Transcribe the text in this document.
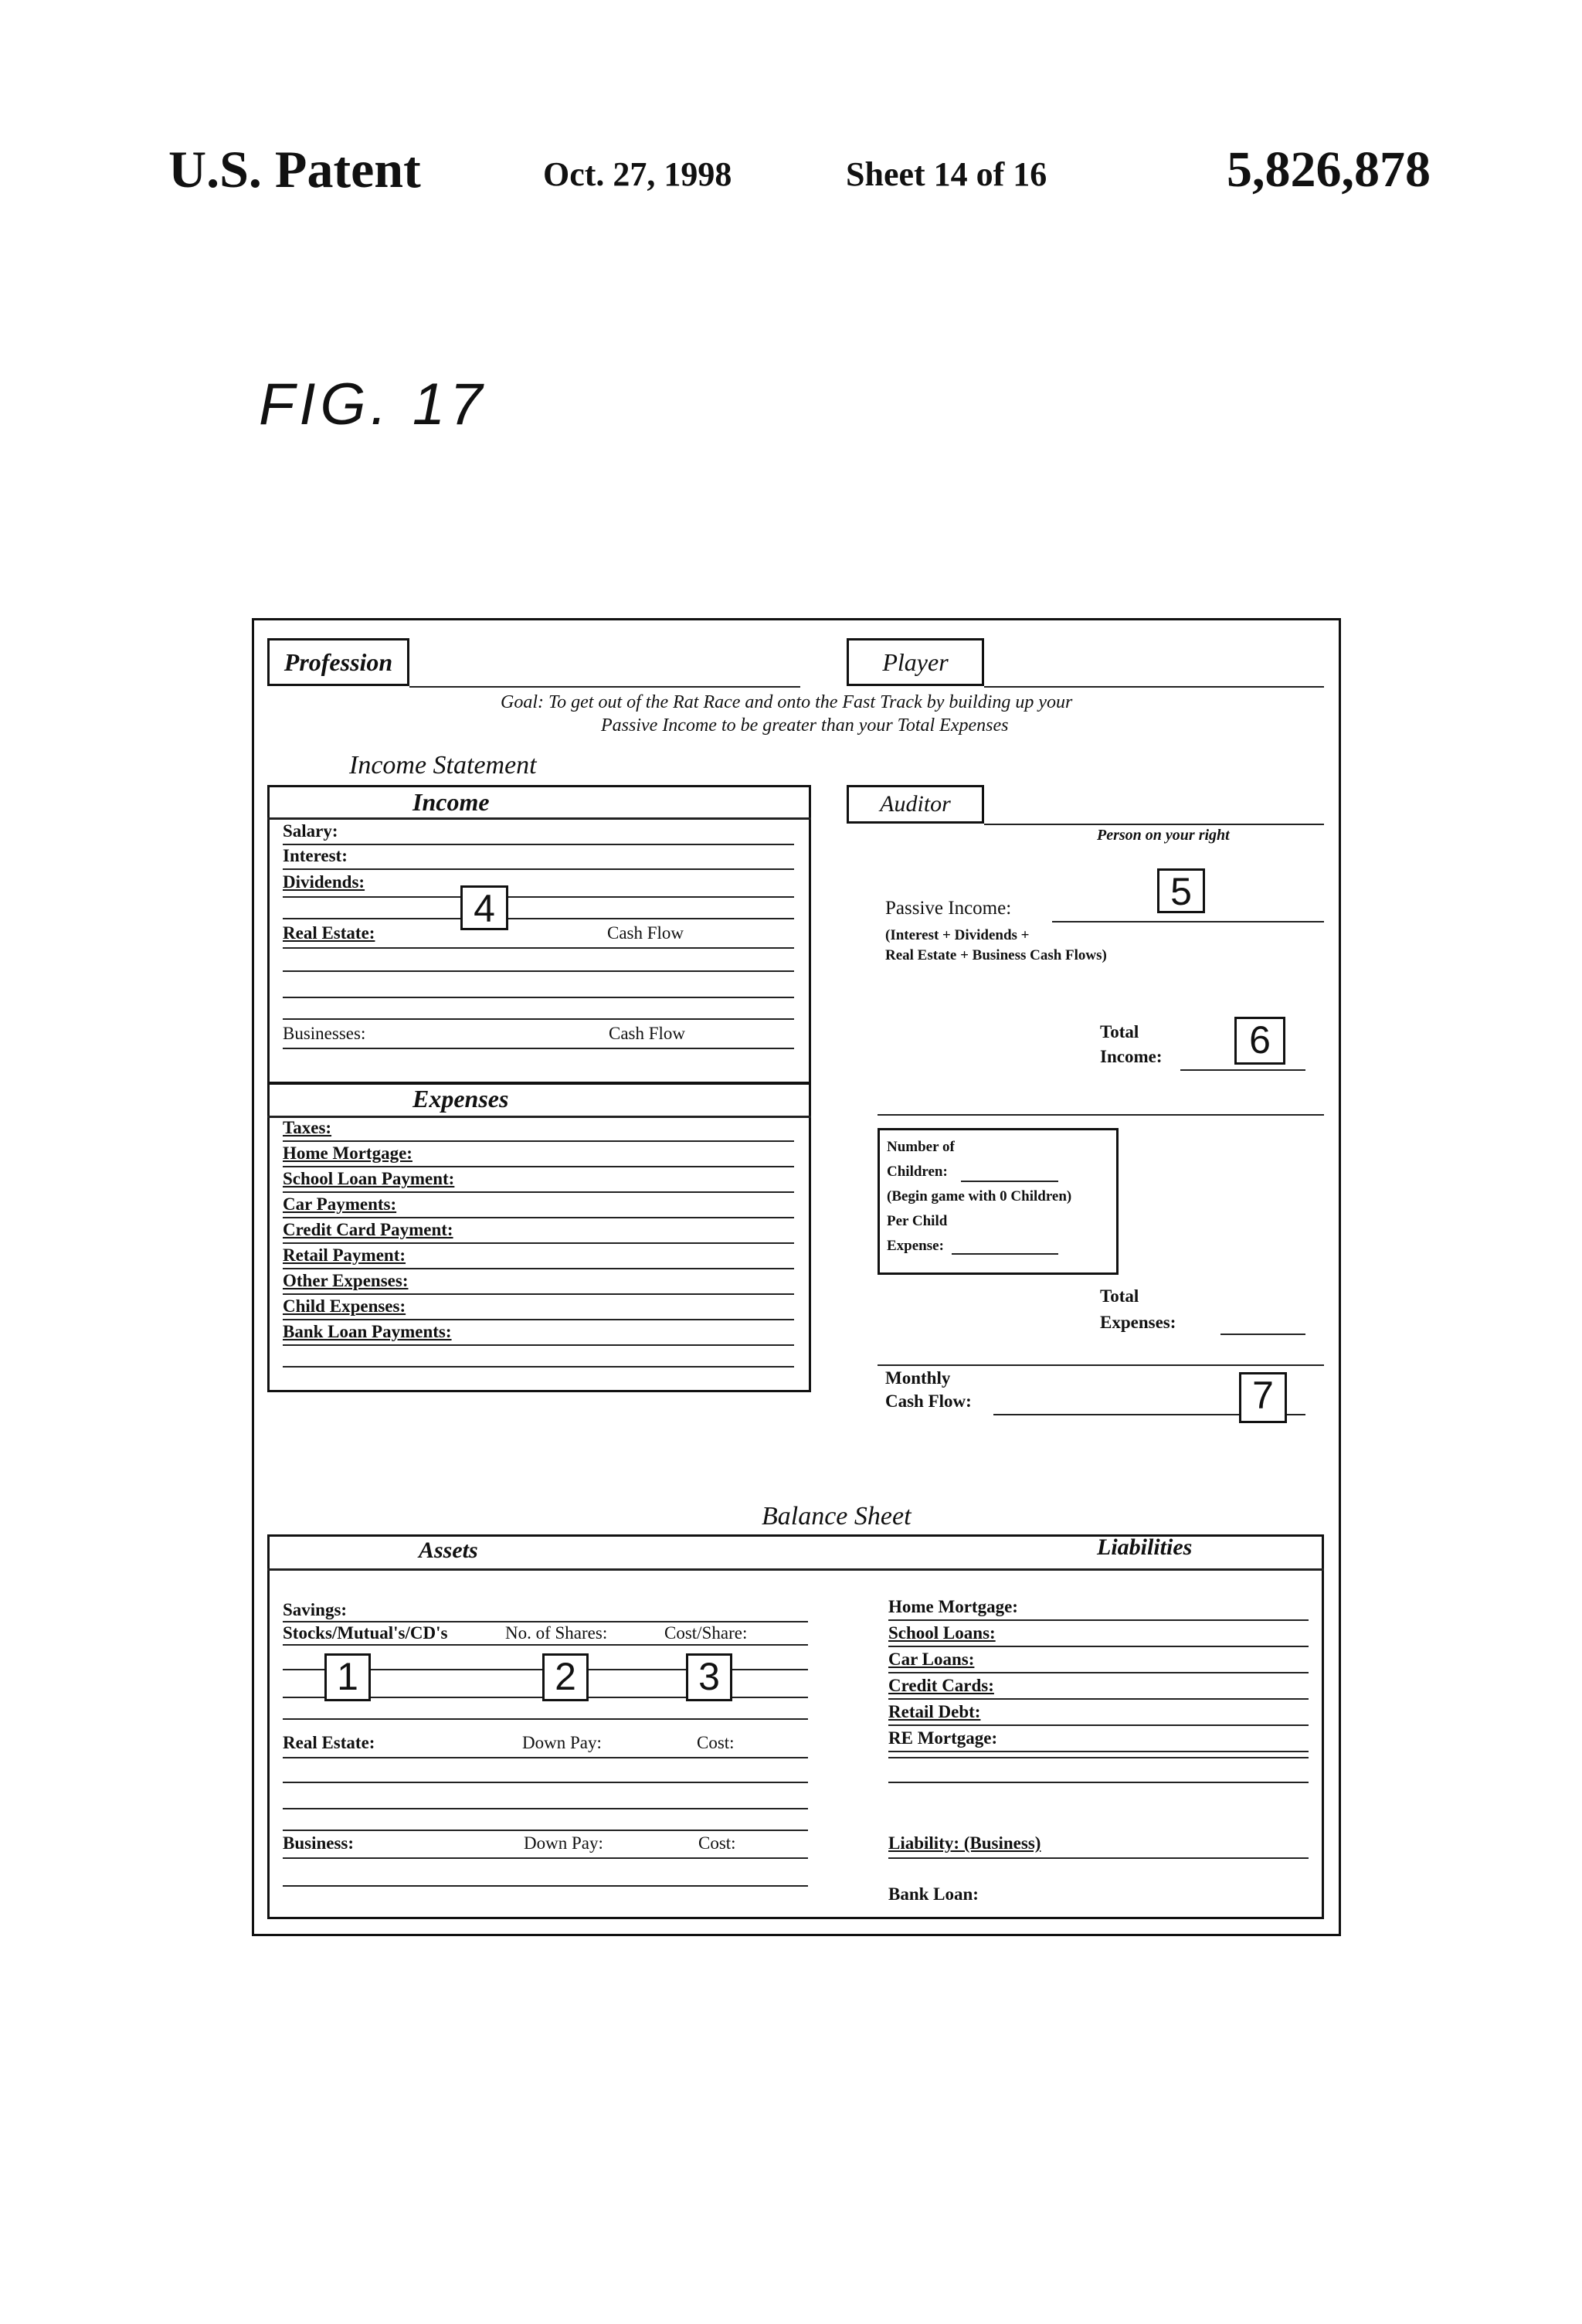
U.S. Patent	Oct. 27, 1998	Sheet 14 of 16	5,826,878
FIG. 17
Profession	Player
Goal: To get out of the Rat Race and onto the Fast Track by building up your
Passive Income to be greater than your Total Expenses
Income Statement
Income
Salary:
Interest:
Dividends:
Real Estate:	Cash Flow
Businesses:	Cash Flow
4
Expenses
Taxes:
Home Mortgage:
School Loan Payment:
Car Payments:
Credit Card Payment:
Retail Payment:
Other Expenses:
Child Expenses:
Bank Loan Payments:
Auditor
Person on your right
Passive Income:
(Interest + Dividends +
Real Estate + Business Cash Flows)
5
Total
Income:	6
Number of
Children:
(Begin game with 0 Children)
Per Child
Expense:
Total
Expenses:
Monthly
Cash Flow:	7
Balance Sheet
Assets	Liabilities
Savings:
Stocks/Mutual's/CD's	No. of Shares:	Cost/Share:
1	2	3
Real Estate:	Down Pay:	Cost:
Business:	Down Pay:	Cost:
Home Mortgage:
School Loans:
Car Loans:
Credit Cards:
Retail Debt:
RE Mortgage:
Liability: (Business)
Bank Loan:
